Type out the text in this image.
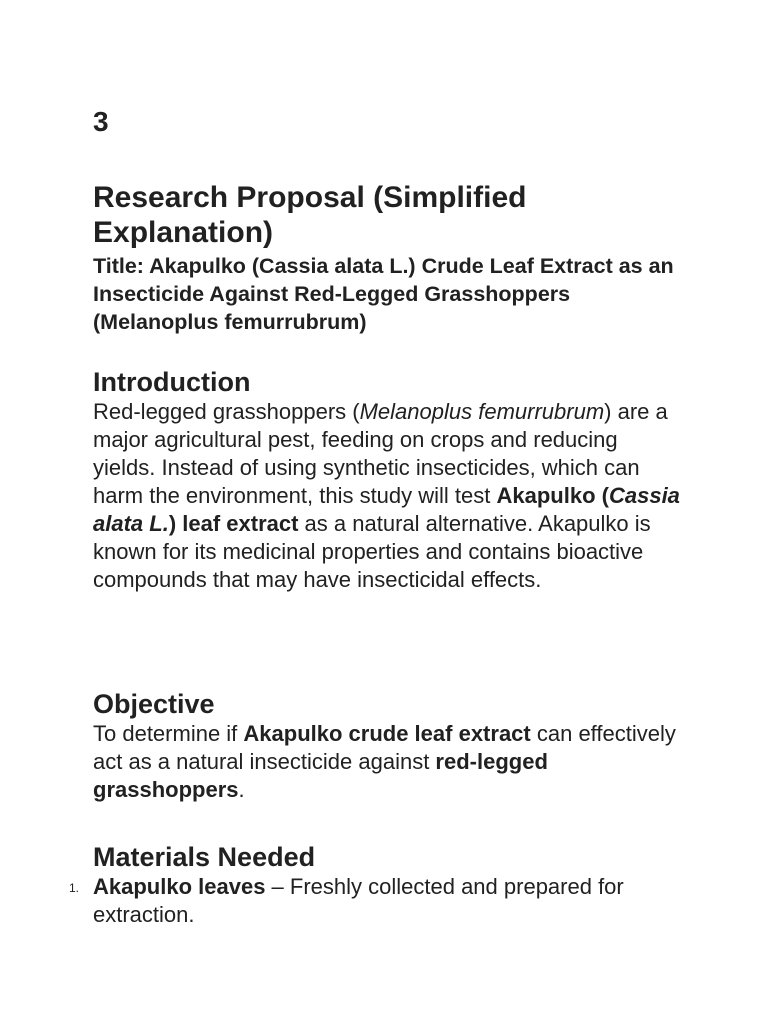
3
Research Proposal (Simplified Explanation)
Title: Akapulko (Cassia alata L.) Crude Leaf Extract as an Insecticide Against Red-Legged Grasshoppers (Melanoplus femurrubrum)
Introduction

Red-legged grasshoppers (Melanoplus femurrubrum) are a major agricultural pest, feeding on crops and reducing yields. Instead of using synthetic insecticides, which can harm the environment, this study will test Akapulko (Cassia alata L.) leaf extract as a natural alternative. Akapulko is known for its medicinal properties and contains bioactive compounds that may have insecticidal effects.

Objective

To determine if Akapulko crude leaf extract can effectively act as a natural insecticide against red-legged grasshoppers.

Materials Needed
1. Akapulko leaves – Freshly collected and prepared for extraction.
